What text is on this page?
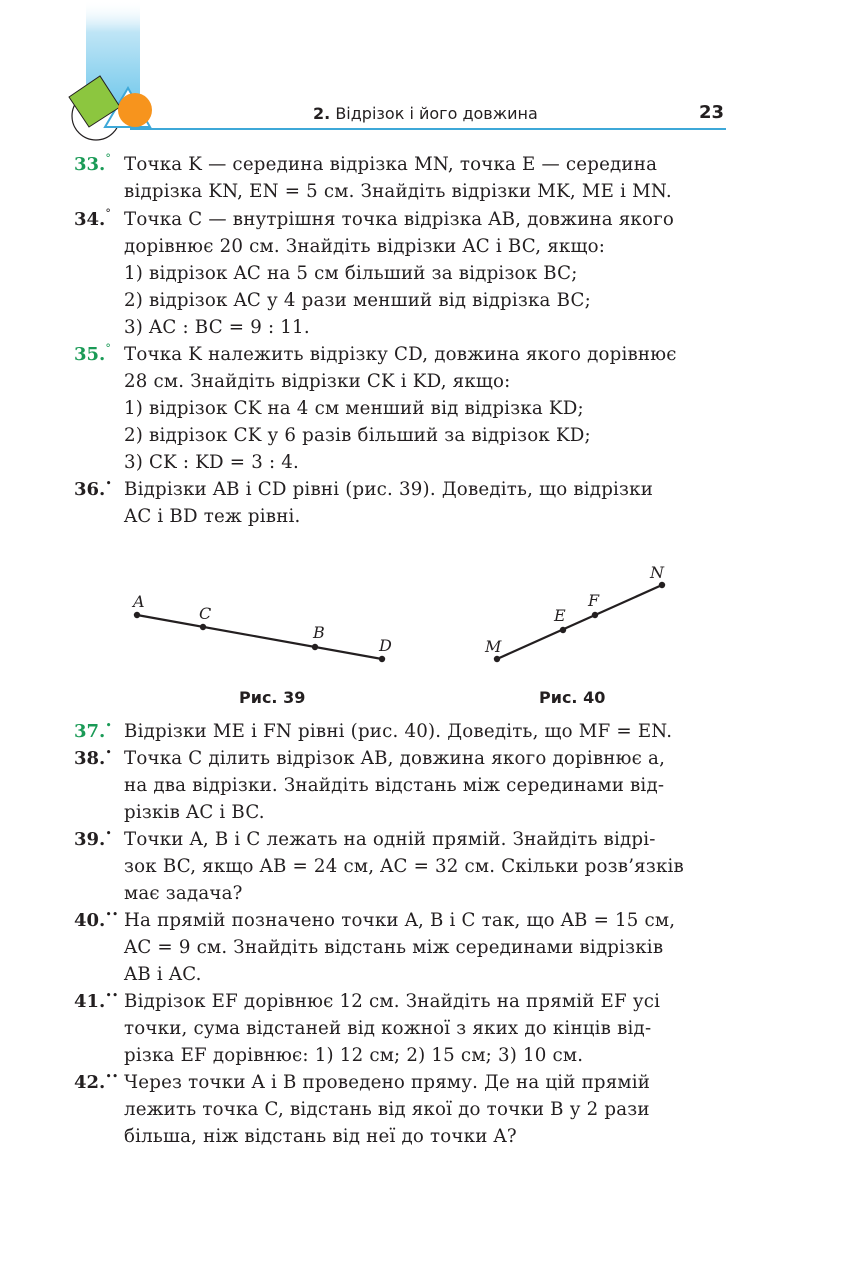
2. Відрізок і його довжина	23
33.° Точка K — середина відрізка MN, точка E — середина
відрізка KN, EN = 5 см. Знайдіть відрізки MK, ME і MN.
34.° Точка C — внутрішня точка відрізка AB, довжина якого
дорівнює 20 см. Знайдіть відрізки AC і BC, якщо:
1) відрізок AC на 5 см більший за відрізок BC;
2) відрізок AC у 4 рази менший від відрізка BC;
3) AC : BC = 9 : 11.
35.° Точка K належить відрізку CD, довжина якого дорівнює
28 см. Знайдіть відрізки CK і KD, якщо:
1) відрізок CK на 4 см менший від відрізка KD;
2) відрізок CK у 6 разів більший за відрізок KD;
3) CK : KD = 3 : 4.
36.• Відрізки AB і CD рівні (рис. 39). Доведіть, що відрізки
AC і BD теж рівні.
A
C
B
D
Рис. 39
M
E
F
N
Рис. 40
37.• Відрізки ME і FN рівні (рис. 40). Доведіть, що MF = EN.
38.• Точка C ділить відрізок AB, довжина якого дорівнює a,
на два відрізки. Знайдіть відстань між серединами від-
різків AC і BC.
39.• Точки A, B і C лежать на одній прямій. Знайдіть відрі-
зок BC, якщо AB = 24 см, AC = 32 см. Скільки розв’язків
має задача?
40.•• На прямій позначено точки A, B і C так, що AB = 15 см,
AC = 9 см. Знайдіть відстань між серединами відрізків
AB і AC.
41.•• Відрізок EF дорівнює 12 см. Знайдіть на прямій EF усі
точки, сума відстаней від кожної з яких до кінців від-
різка EF дорівнює: 1) 12 см; 2) 15 см; 3) 10 см.
42.•• Через точки A і B проведено пряму. Де на цій прямій
лежить точка C, відстань від якої до точки B у 2 рази
більша, ніж відстань від неї до точки A?
